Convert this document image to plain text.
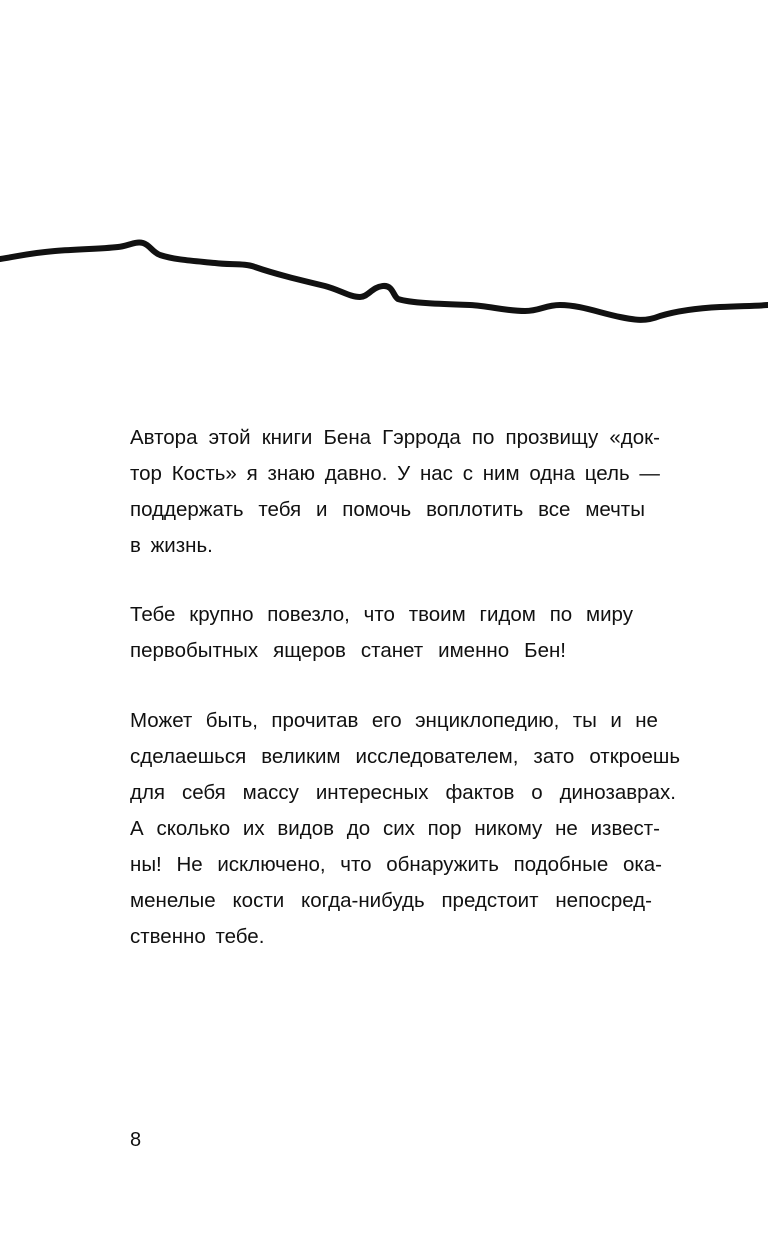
Автора этой книги Бена Гэррода по прозвищу «док-
тор Кость» я знаю давно. У нас с ним одна цель —
поддержать тебя и помочь воплотить все мечты
в
жизнь.
Тебе крупно повезло, что твоим гидом по миру
первобытных ящеров станет именно Бен!
Может быть, прочитав его энциклопедию, ты и не
сделаешься великим исследователем, зато откроешь
для себя массу интересных фактов о динозаврах.
А сколько их видов до сих пор никому не извест-
ны! Не исключено, что обнаружить подобные ока-
менелые кости когда-нибудь предстоит непосред-
ственно
тебе.
8
